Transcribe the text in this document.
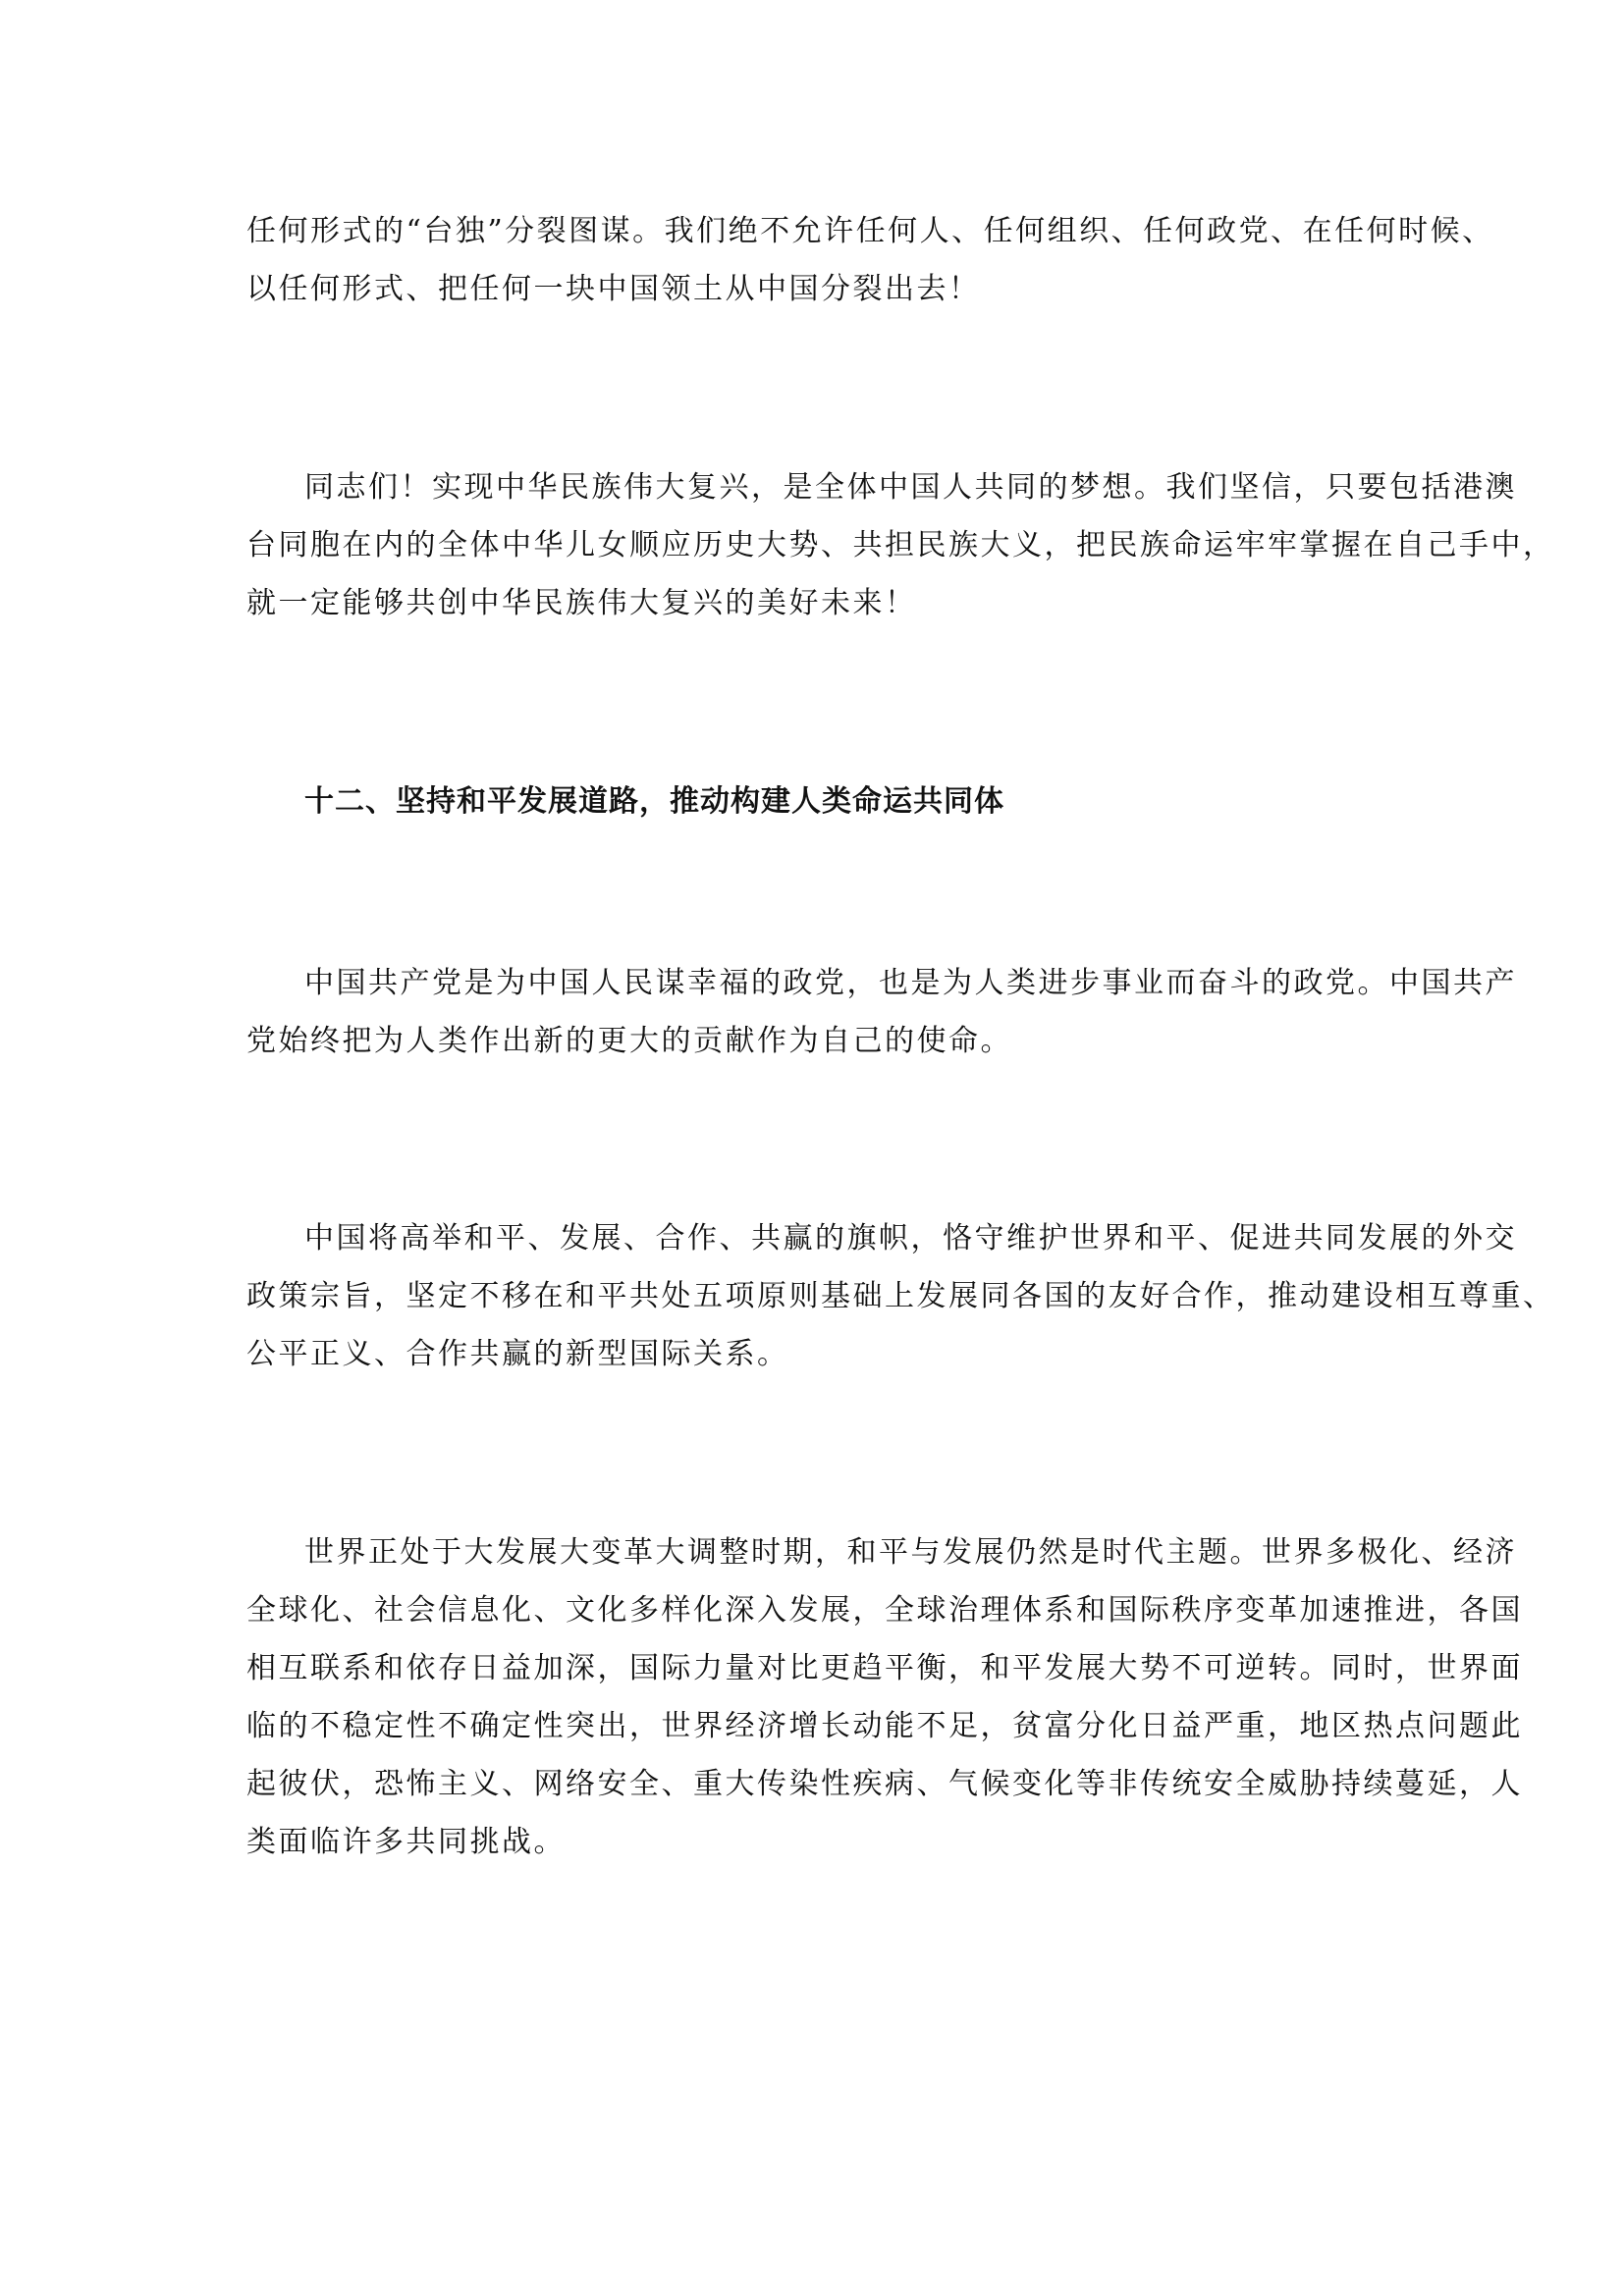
任何形式的“台独”分裂图谋。我们绝不允许任何人、任何组织、任何政党、在任何时候、
以任何形式、把任何一块中国领土从中国分裂出去！
同志们！实现中华民族伟大复兴，是全体中国人共同的梦想。我们坚信，只要包括港澳
台同胞在内的全体中华儿女顺应历史大势、共担民族大义，把民族命运牢牢掌握在自己手中，
就一定能够共创中华民族伟大复兴的美好未来！
十二、坚持和平发展道路，推动构建人类命运共同体
中国共产党是为中国人民谋幸福的政党，也是为人类进步事业而奋斗的政党。中国共产
党始终把为人类作出新的更大的贡献作为自己的使命。
中国将高举和平、发展、合作、共赢的旗帜，恪守维护世界和平、促进共同发展的外交
政策宗旨，坚定不移在和平共处五项原则基础上发展同各国的友好合作，推动建设相互尊重、
公平正义、合作共赢的新型国际关系。
世界正处于大发展大变革大调整时期，和平与发展仍然是时代主题。世界多极化、经济
全球化、社会信息化、文化多样化深入发展，全球治理体系和国际秩序变革加速推进，各国
相互联系和依存日益加深，国际力量对比更趋平衡，和平发展大势不可逆转。同时，世界面
临的不稳定性不确定性突出，世界经济增长动能不足，贫富分化日益严重，地区热点问题此
起彼伏，恐怖主义、网络安全、重大传染性疾病、气候变化等非传统安全威胁持续蔓延，人
类面临许多共同挑战。
